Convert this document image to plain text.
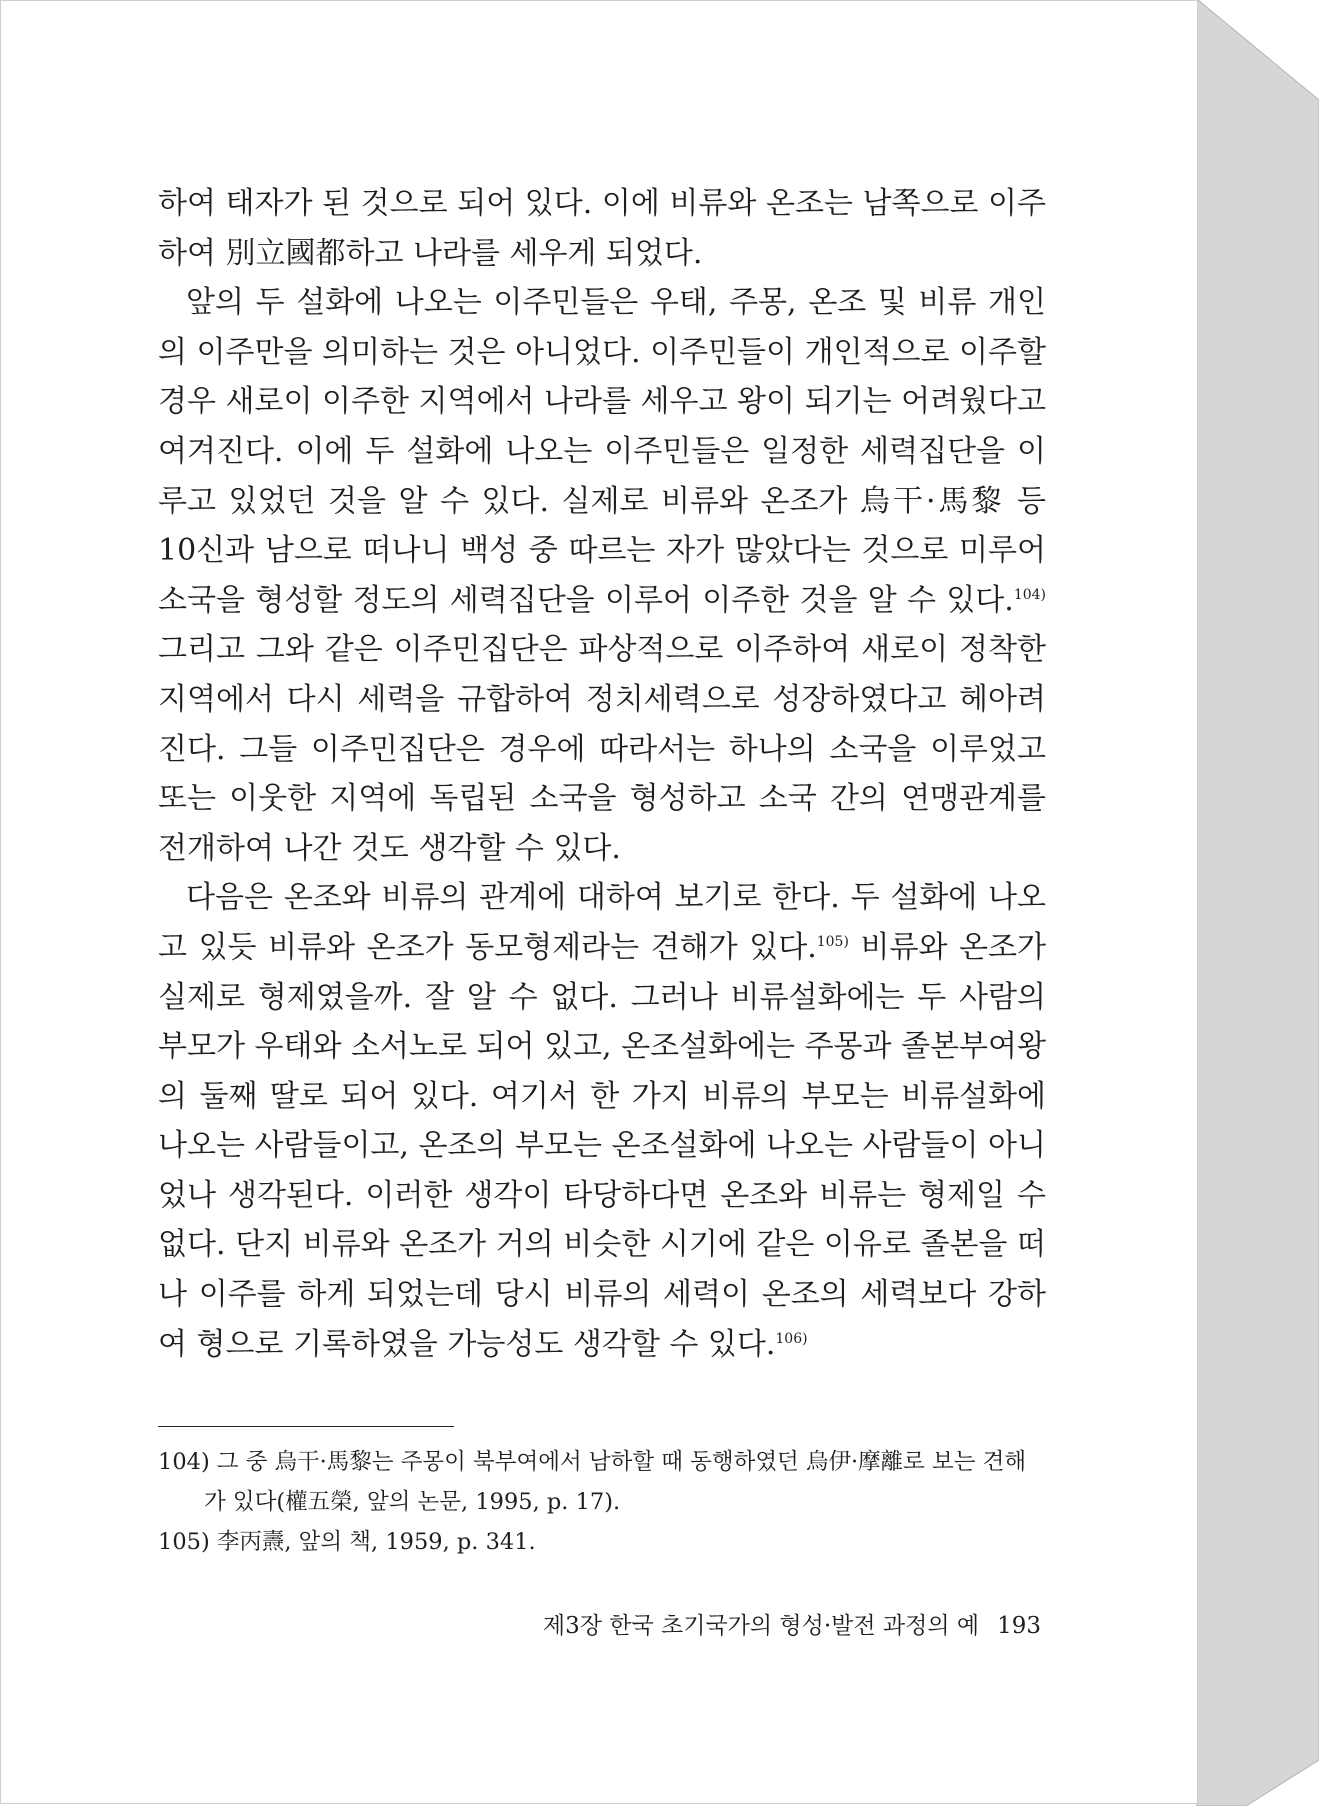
하여 태자가 된 것으로 되어 있다. 이에 비류와 온조는 남쪽으로 이주하여 別立國都하고 나라를 세우게 되었다.

앞의 두 설화에 나오는 이주민들은 우태, 주몽, 온조 및 비류 개인의 이주만을 의미하는 것은 아니었다. 이주민들이 개인적으로 이주할 경우 새로이 이주한 지역에서 나라를 세우고 왕이 되기는 어려웠다고 여겨진다. 이에 두 설화에 나오는 이주민들은 일정한 세력집단을 이루고 있었던 것을 알 수 있다. 실제로 비류와 온조가 烏干·馬黎 등 10신과 남으로 떠나니 백성 중 따르는 자가 많았다는 것으로 미루어 소국을 형성할 정도의 세력집단을 이루어 이주한 것을 알 수 있다.$^{104)}$ 그리고 그와 같은 이주민집단은 파상적으로 이주하여 새로이 정착한 지역에서 다시 세력을 규합하여 정치세력으로 성장하였다고 헤아려진다. 그들 이주민집단은 경우에 따라서는 하나의 소국을 이루었고 또는 이웃한 지역에 독립된 소국을 형성하고 소국 간의 연맹관계를 전개하여 나간 것도 생각할 수 있다.

다음은 온조와 비류의 관계에 대하여 보기로 한다. 두 설화에 나오고 있듯 비류와 온조가 동모형제라는 견해가 있다.$^{105)}$ 비류와 온조가 실제로 형제였을까. 잘 알 수 없다. 그러나 비류설화에는 두 사람의 부모가 우태와 소서노로 되어 있고, 온조설화에는 주몽과 졸본부여왕의 둘째 딸로 되어 있다. 여기서 한 가지 비류의 부모는 비류설화에 나오는 사람들이고, 온조의 부모는 온조설화에 나오는 사람들이 아니었나 생각된다. 이러한 생각이 타당하다면 온조와 비류는 형제일 수 없다. 단지 비류와 온조가 거의 비슷한 시기에 같은 이유로 졸본을 떠나 이주를 하게 되었는데 당시 비류의 세력이 온조의 세력보다 강하여 형으로 기록하였을 가능성도 생각할 수 있다.$^{106)}$

104) 그 중 烏干·馬黎는 주몽이 북부여에서 남하할 때 동행하였던 烏伊·摩離로 보는 견해가 있다(權五榮, 앞의 논문, 1995, p. 17).

105) 李丙燾, 앞의 책, 1959, p. 341.

제3장 한국 초기국가의 형성·발전 과정의 예 193
